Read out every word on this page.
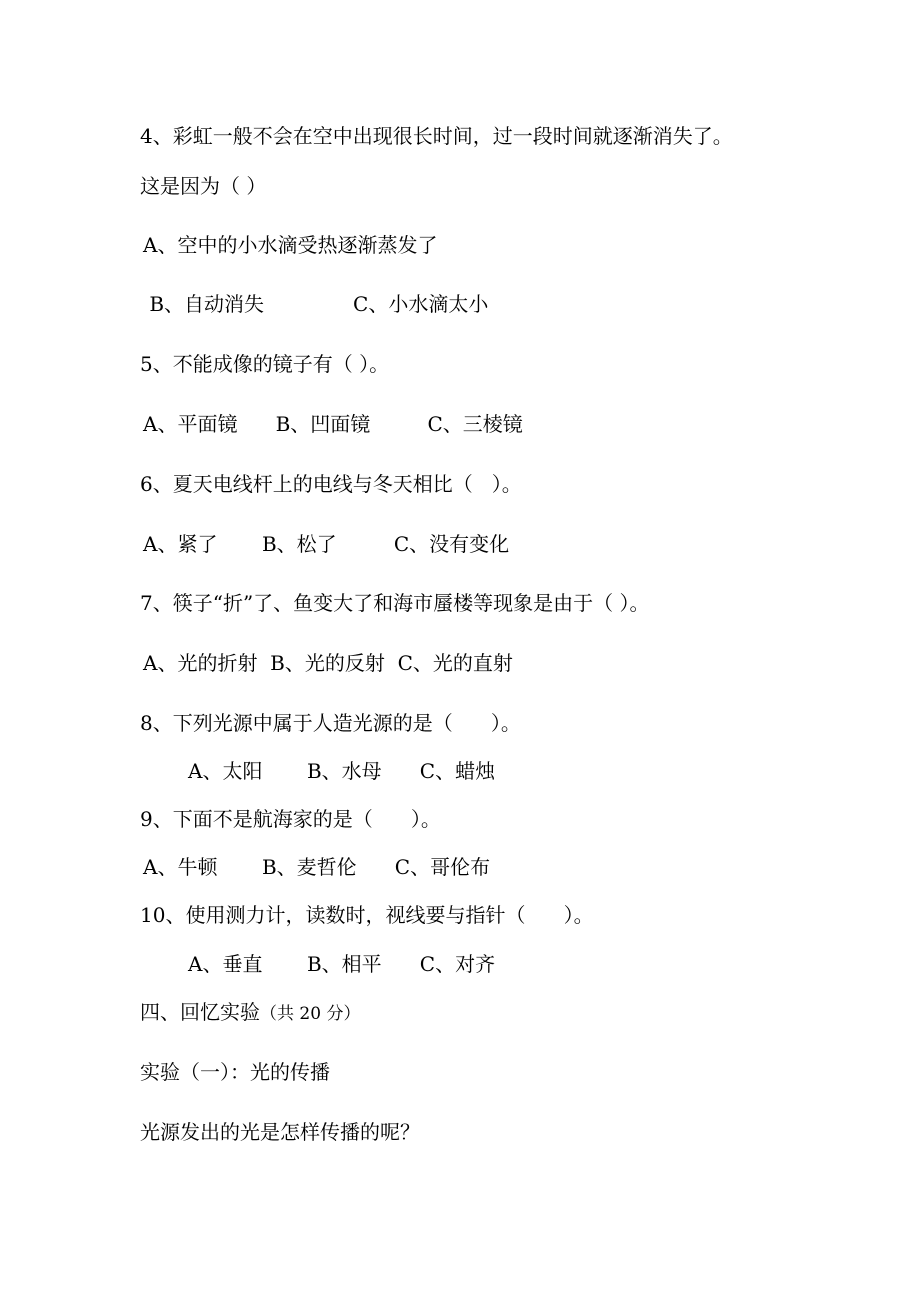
4、彩虹一般不会在空中出现很长时间，过一段时间就逐渐消失了。
这是因为（ ）
A、空中的小水滴受热逐渐蒸发了
B、自动消失              C、小水滴太小
5、不能成像的镜子有（ ）。
A、平面镜      B、凹面镜         C、三棱镜
6、夏天电线杆上的电线与冬天相比（   ）。
A、紧了       B、松了         C、没有变化
7、筷子“折”了、鱼变大了和海市蜃楼等现象是由于（ ）。
A、光的折射  B、光的反射  C、光的直射
8、下列光源中属于人造光源的是（      ）。
A、太阳       B、水母      C、蜡烛
9、下面不是航海家的是（      ）。
A、牛顿       B、麦哲伦      C、哥伦布
10、使用测力计，读数时，视线要与指针（      ）。
A、垂直       B、相平      C、对齐
四、回忆实验（共 20 分）
实验（一）：光的传播
光源发出的光是怎样传播的呢？
